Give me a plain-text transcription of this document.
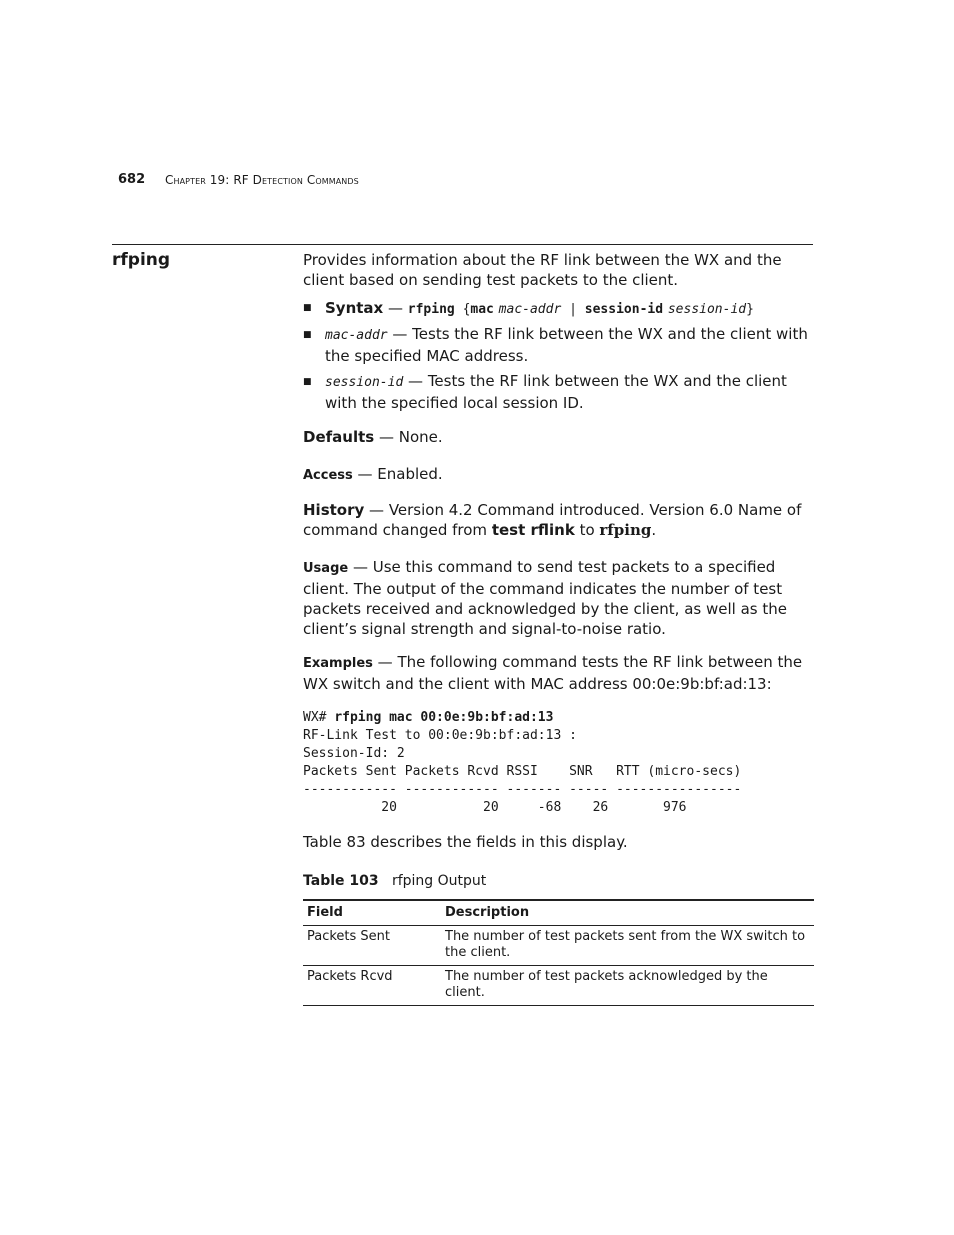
682 Chapter 19: RF Detection Commands
rfping	Provides information about the RF link between the WX and the client based on sending test packets to the client.
■ Syntax — rfping {mac mac-addr | session-id session-id}
■ mac-addr — Tests the RF link between the WX and the client with the specified MAC address.
■ session-id — Tests the RF link between the WX and the client with the specified local session ID.
Defaults — None.
Access — Enabled.
History — Version 4.2 Command introduced. Version 6.0 Name of command changed from test rflink to rfping.
Usage — Use this command to send test packets to a specified client. The output of the command indicates the number of test packets received and acknowledged by the client, as well as the client’s signal strength and signal-to-noise ratio.
Examples — The following command tests the RF link between the WX switch and the client with MAC address 00:0e:9b:bf:ad:13:
WX# rfping mac 00:0e:9b:bf:ad:13
RF-Link Test to 00:0e:9b:bf:ad:13 :
Session-Id: 2
Packets Sent Packets Rcvd RSSI    SNR   RTT (micro-secs)
------------ ------------ ------- ----- ----------------
20           20     -68    26       976
Table 83 describes the fields in this display.
Table 103 rfping Output
Field	Description
Packets Sent	The number of test packets sent from the WX switch to the client.
Packets Rcvd	The number of test packets acknowledged by the client.
